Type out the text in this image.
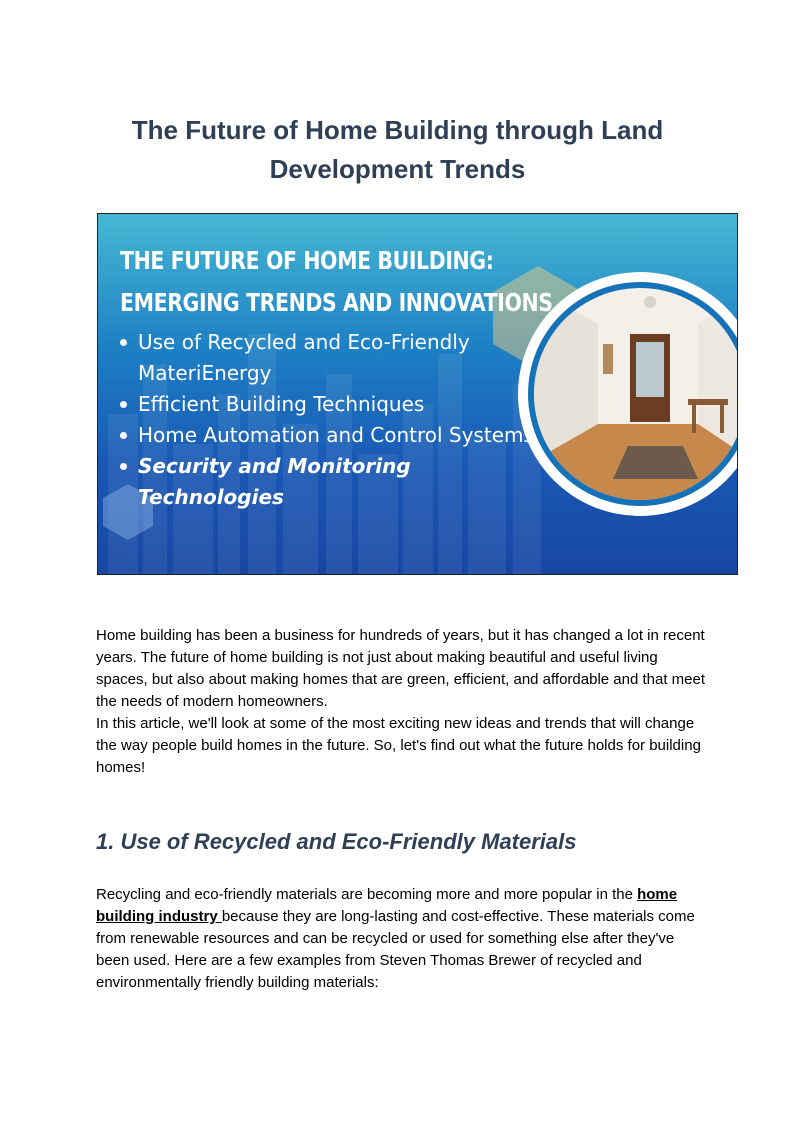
The Future of Home Building through Land Development Trends
THE FUTURE OF HOME BUILDING:
EMERGING TRENDS AND INNOVATIONS
Use of Recycled and Eco-Friendly MateriEnergy
Efficient Building Techniques
Home Automation and Control Systems
Security and Monitoring Technologies

Home building has been a business for hundreds of years, but it has changed a lot in recent years. The future of home building is not just about making beautiful and useful living spaces, but also about making homes that are green, efficient, and affordable and that meet the needs of modern homeowners.

In this article, we'll look at some of the most exciting new ideas and trends that will change the way people build homes in the future. So, let's find out what the future holds for building homes!

1. Use of Recycled and Eco-Friendly Materials

Recycling and eco-friendly materials are becoming more and more popular in the home building industry because they are long-lasting and cost-effective. These materials come from renewable resources and can be recycled or used for something else after they've been used. Here are a few examples from Steven Thomas Brewer of recycled and environmentally friendly building materials:
